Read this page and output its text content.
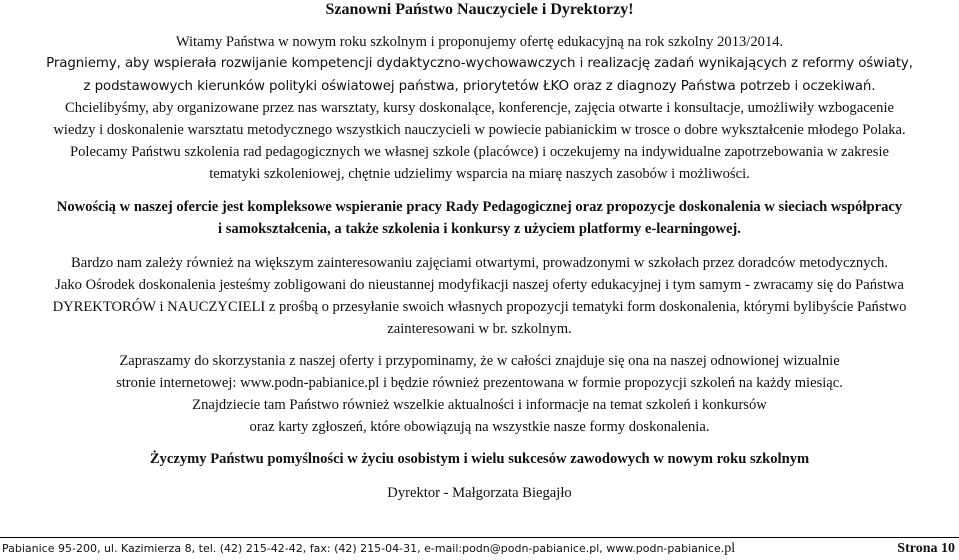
Szanowni Państwo Nauczyciele i Dyrektorzy!
Witamy Państwa w nowym roku szkolnym i proponujemy ofertę edukacyjną na rok szkolny 2013/2014.
Pragniemy, aby wspierała rozwijanie kompetencji dydaktyczno-wychowawczych i realizację zadań wynikających z reformy oświaty,
z podstawowych kierunków polityki oświatowej państwa, priorytetów ŁKO oraz z diagnozy Państwa potrzeb i oczekiwań.
Chcielibyśmy, aby organizowane przez nas warsztaty, kursy doskonalące, konferencje, zajęcia otwarte i konsultacje, umożliwiły wzbogacenie
wiedzy i doskonalenie warsztatu metodycznego wszystkich nauczycieli w powiecie pabianickim w trosce o dobre wykształcenie młodego Polaka.
Polecamy Państwu szkolenia rad pedagogicznych we własnej szkole (placówce) i oczekujemy na indywidualne zapotrzebowania w zakresie
tematyki szkoleniowej, chętnie udzielimy wsparcia na miarę naszych zasobów i możliwości.
Nowością w naszej ofercie jest kompleksowe wspieranie pracy Rady Pedagogicznej oraz propozycje doskonalenia w sieciach współpracy
i samokształcenia, a także szkolenia i konkursy z użyciem platformy e-learningowej.
Bardzo nam zależy również na większym zainteresowaniu zajęciami otwartymi, prowadzonymi w szkołach przez doradców metodycznych.
Jako Ośrodek doskonalenia jesteśmy zobligowani do nieustannej modyfikacji naszej oferty edukacyjnej i tym samym - zwracamy się do Państwa
DYREKTORÓW i NAUCZYCIELI z prośbą o przesyłanie swoich własnych propozycji tematyki form doskonalenia, którymi bylibyście Państwo
zainteresowani w br. szkolnym.
Zapraszamy do skorzystania z naszej oferty i przypominamy, że w całości znajduje się ona na naszej odnowionej wizualnie
stronie internetowej: www.podn-pabianice.pl i będzie również prezentowana w formie propozycji szkoleń na każdy miesiąc.
Znajdziecie tam Państwo również wszelkie aktualności i informacje na temat szkoleń i konkursów
oraz karty zgłoszeń, które obowiązują na wszystkie nasze formy doskonalenia.
Życzymy Państwu pomyślności w życiu osobistym i wielu sukcesów zawodowych w nowym roku szkolnym
Dyrektor - Małgorzata Biegajło
Pabianice 95-200, ul. Kazimierza 8, tel. (42) 215-42-42, fax: (42) 215-04-31, e-mail:podn@podn-pabianice.pl, www.podn-pabianice.pl	Strona 10
